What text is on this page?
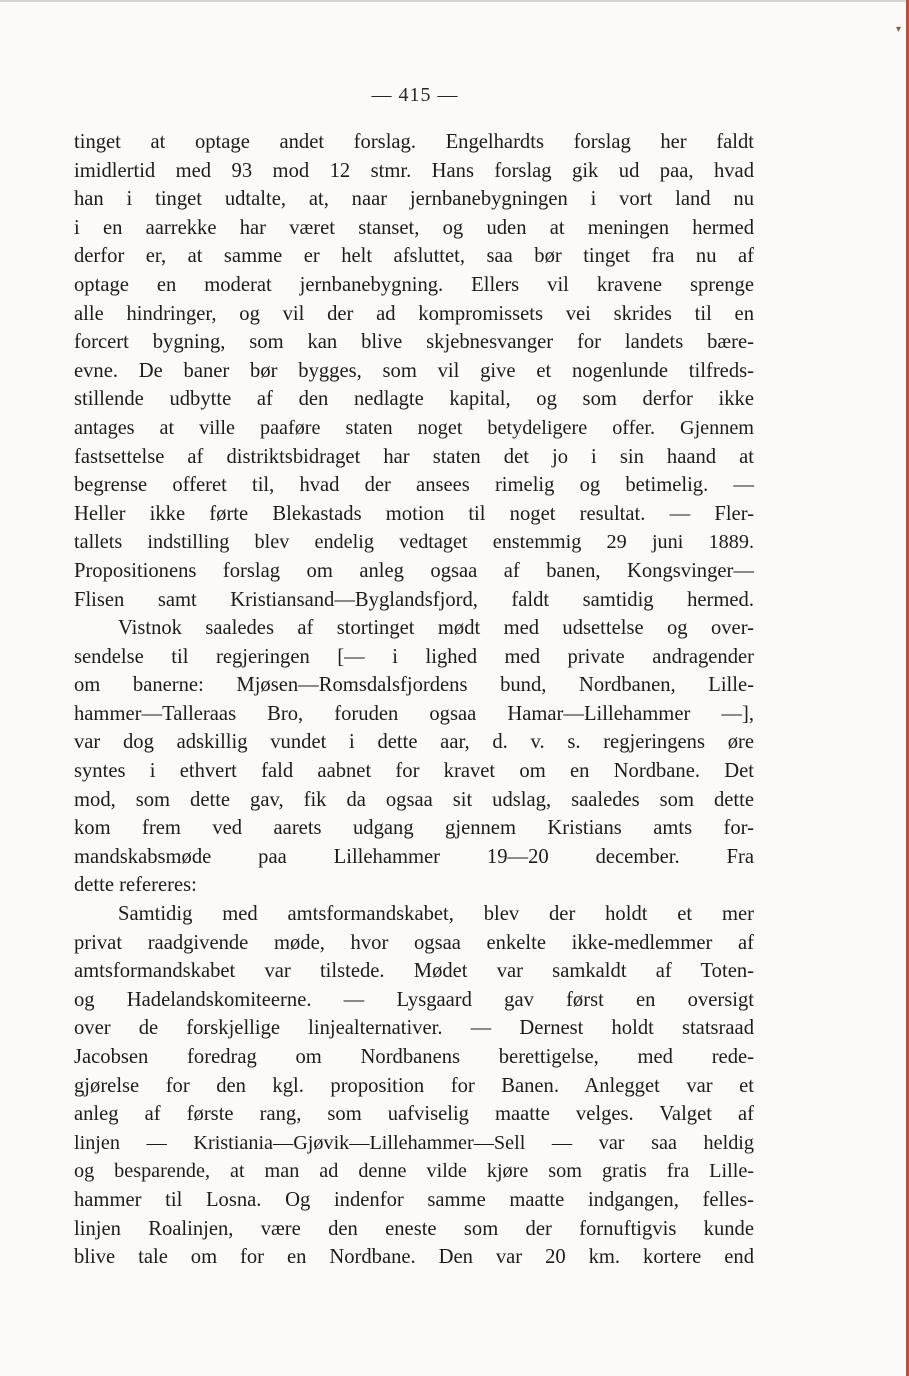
▾
— 415 —
tinget at optage andet forslag. Engelhardts forslag her faldt
imidlertid med 93 mod 12 stmr. Hans forslag gik ud paa, hvad
han i tinget udtalte, at, naar jernbanebygningen i vort land nu
i en aarrekke har været stanset, og uden at meningen hermed
derfor er, at samme er helt afsluttet, saa bør tinget fra nu af
optage en moderat jernbanebygning. Ellers vil kravene sprenge
alle hindringer, og vil der ad kompromissets vei skrides til en
forcert bygning, som kan blive skjebnesvanger for landets bære-
evne. De baner bør bygges, som vil give et nogenlunde tilfreds-
stillende udbytte af den nedlagte kapital, og som derfor ikke
antages at ville paaføre staten noget betydeligere offer. Gjennem
fastsettelse af distriktsbidraget har staten det jo i sin haand at
begrense offeret til, hvad der ansees rimelig og betimelig. —
Heller ikke førte Blekastads motion til noget resultat. — Fler-
tallets indstilling blev endelig vedtaget enstemmig 29 juni 1889.
Propositionens forslag om anleg ogsaa af banen, Kongsvinger—
Flisen samt Kristiansand—Byglandsfjord, faldt samtidig hermed.
Vistnok saaledes af stortinget mødt med udsettelse og over-
sendelse til regjeringen [— i lighed med private andragender
om banerne: Mjøsen—Romsdalsfjordens bund, Nordbanen, Lille-
hammer—Talleraas Bro, foruden ogsaa Hamar—Lillehammer —],
var dog adskillig vundet i dette aar, d. v. s. regjeringens øre
syntes i ethvert fald aabnet for kravet om en Nordbane. Det
mod, som dette gav, fik da ogsaa sit udslag, saaledes som dette
kom frem ved aarets udgang gjennem Kristians amts for-
mandskabsmøde paa Lillehammer 19—20 december. Fra
dette refereres:
Samtidig med amtsformandskabet, blev der holdt et mer
privat raadgivende møde, hvor ogsaa enkelte ikke-medlemmer af
amtsformandskabet var tilstede. Mødet var samkaldt af Toten-
og Hadelandskomiteerne. — Lysgaard gav først en oversigt
over de forskjellige linjealternativer. — Dernest holdt statsraad
Jacobsen foredrag om Nordbanens berettigelse, med rede-
gjørelse for den kgl. proposition for Banen. Anlegget var et
anleg af første rang, som uafviselig maatte velges. Valget af
linjen — Kristiania—Gjøvik—Lillehammer—Sell — var saa heldig
og besparende, at man ad denne vilde kjøre som gratis fra Lille-
hammer til Losna. Og indenfor samme maatte indgangen, felles-
linjen Roalinjen, være den eneste som der fornuftigvis kunde
blive tale om for en Nordbane. Den var 20 km. kortere end
